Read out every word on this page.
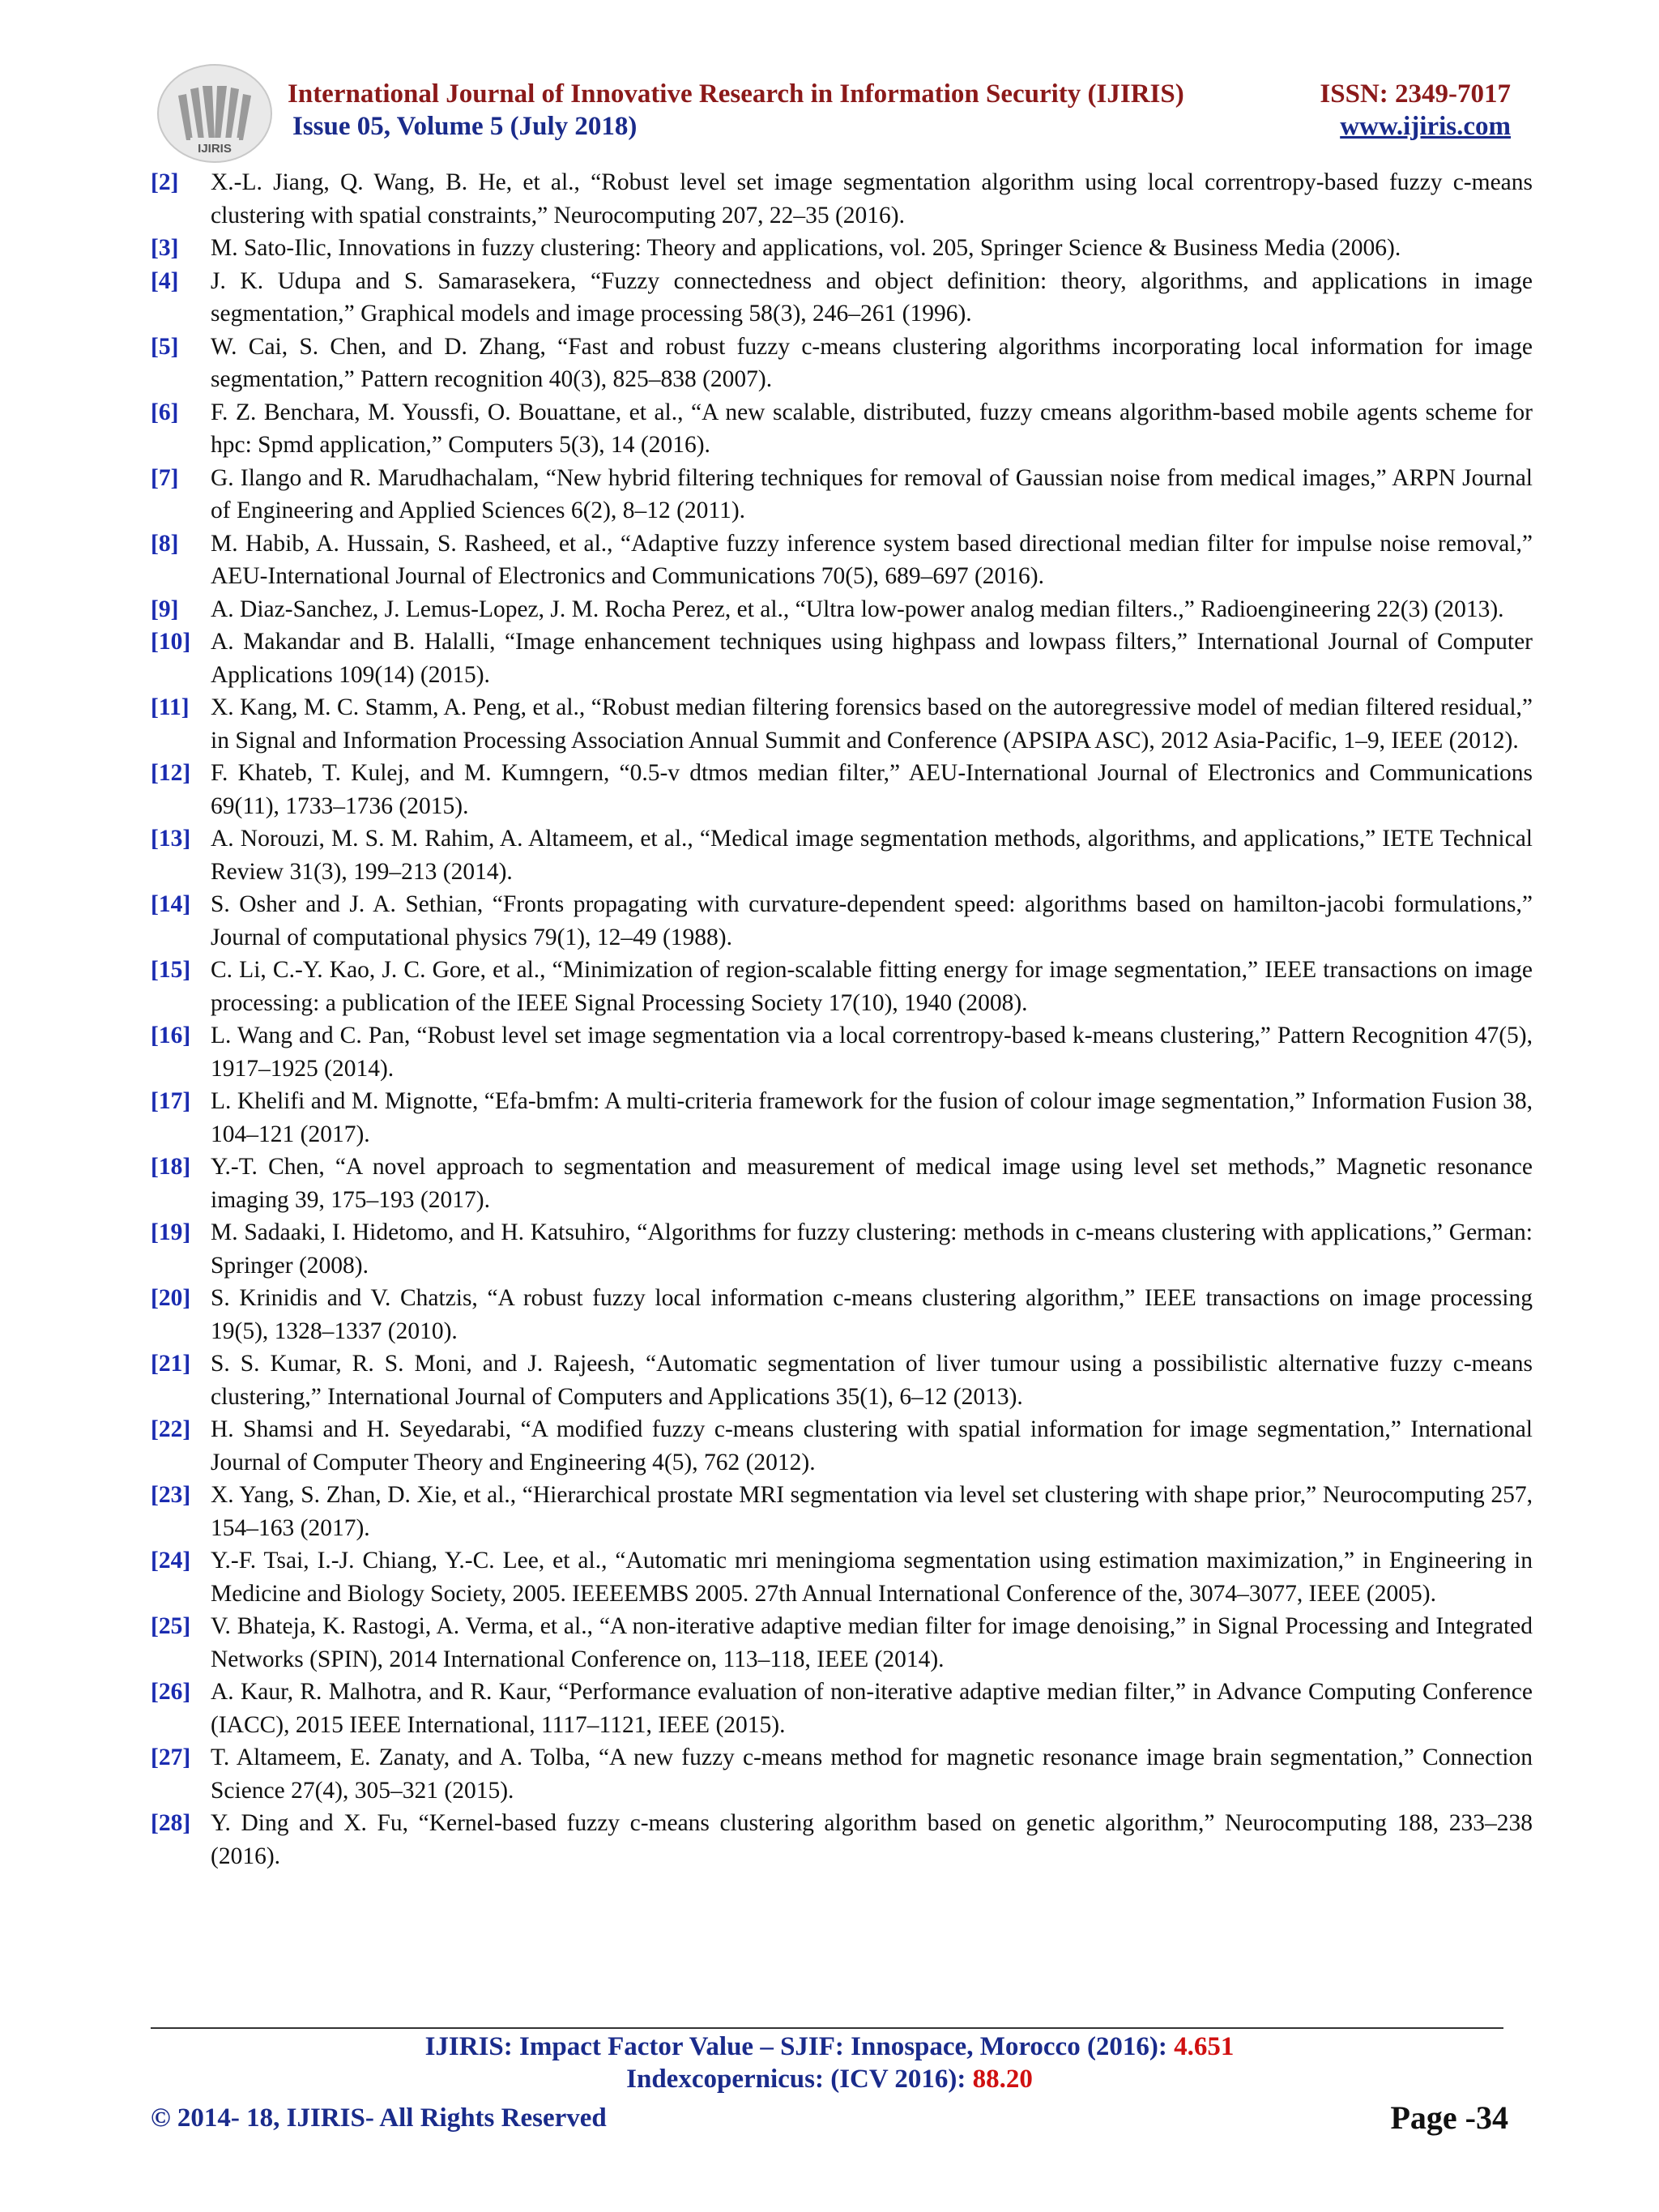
IJIRIS
International Journal of Innovative Research in Information Security (IJIRIS)	ISSN: 2349-7017
Issue 05, Volume 5 (July 2018)	www.ijiris.com
[2] X.-L. Jiang, Q. Wang, B. He, et al., “Robust level set image segmentation algorithm using local correntropy-based fuzzy c-means clustering with spatial constraints,” Neurocomputing 207, 22–35 (2016).
[3] M. Sato-Ilic, Innovations in fuzzy clustering: Theory and applications, vol. 205, Springer Science & Business Media (2006).
[4] J. K. Udupa and S. Samarasekera, “Fuzzy connectedness and object definition: theory, algorithms, and applications in image segmentation,” Graphical models and image processing 58(3), 246–261 (1996).
[5] W. Cai, S. Chen, and D. Zhang, “Fast and robust fuzzy c-means clustering algorithms incorporating local information for image segmentation,” Pattern recognition 40(3), 825–838 (2007).
[6] F. Z. Benchara, M. Youssfi, O. Bouattane, et al., “A new scalable, distributed, fuzzy cmeans algorithm-based mobile agents scheme for hpc: Spmd application,” Computers 5(3), 14 (2016).
[7] G. Ilango and R. Marudhachalam, “New hybrid filtering techniques for removal of Gaussian noise from medical images,” ARPN Journal of Engineering and Applied Sciences 6(2), 8–12 (2011).
[8] M. Habib, A. Hussain, S. Rasheed, et al., “Adaptive fuzzy inference system based directional median filter for impulse noise removal,” AEU-International Journal of Electronics and Communications 70(5), 689–697 (2016).
[9] A. Diaz-Sanchez, J. Lemus-Lopez, J. M. Rocha Perez, et al., “Ultra low-power analog median filters.,” Radioengineering 22(3) (2013).
[10] A. Makandar and B. Halalli, “Image enhancement techniques using highpass and lowpass filters,” International Journal of Computer Applications 109(14) (2015).
[11] X. Kang, M. C. Stamm, A. Peng, et al., “Robust median filtering forensics based on the autoregressive model of median filtered residual,” in Signal and Information Processing Association Annual Summit and Conference (APSIPA ASC), 2012 Asia-Pacific, 1–9, IEEE (2012).
[12] F. Khateb, T. Kulej, and M. Kumngern, “0.5-v dtmos median filter,” AEU-International Journal of Electronics and Communications 69(11), 1733–1736 (2015).
[13] A. Norouzi, M. S. M. Rahim, A. Altameem, et al., “Medical image segmentation methods, algorithms, and applications,” IETE Technical Review 31(3), 199–213 (2014).
[14] S. Osher and J. A. Sethian, “Fronts propagating with curvature-dependent speed: algorithms based on hamilton-jacobi formulations,” Journal of computational physics 79(1), 12–49 (1988).
[15] C. Li, C.-Y. Kao, J. C. Gore, et al., “Minimization of region-scalable fitting energy for image segmentation,” IEEE transactions on image processing: a publication of the IEEE Signal Processing Society 17(10), 1940 (2008).
[16] L. Wang and C. Pan, “Robust level set image segmentation via a local correntropy-based k-means clustering,” Pattern Recognition 47(5), 1917–1925 (2014).
[17] L. Khelifi and M. Mignotte, “Efa-bmfm: A multi-criteria framework for the fusion of colour image segmentation,” Information Fusion 38, 104–121 (2017).
[18] Y.-T. Chen, “A novel approach to segmentation and measurement of medical image using level set methods,” Magnetic resonance imaging 39, 175–193 (2017).
[19] M. Sadaaki, I. Hidetomo, and H. Katsuhiro, “Algorithms for fuzzy clustering: methods in c-means clustering with applications,” German: Springer (2008).
[20] S. Krinidis and V. Chatzis, “A robust fuzzy local information c-means clustering algorithm,” IEEE transactions on image processing 19(5), 1328–1337 (2010).
[21] S. S. Kumar, R. S. Moni, and J. Rajeesh, “Automatic segmentation of liver tumour using a possibilistic alternative fuzzy c-means clustering,” International Journal of Computers and Applications 35(1), 6–12 (2013).
[22] H. Shamsi and H. Seyedarabi, “A modified fuzzy c-means clustering with spatial information for image segmentation,” International Journal of Computer Theory and Engineering 4(5), 762 (2012).
[23] X. Yang, S. Zhan, D. Xie, et al., “Hierarchical prostate MRI segmentation via level set clustering with shape prior,” Neurocomputing 257, 154–163 (2017).
[24] Y.-F. Tsai, I.-J. Chiang, Y.-C. Lee, et al., “Automatic mri meningioma segmentation using estimation maximization,” in Engineering in Medicine and Biology Society, 2005. IEEEEMBS 2005. 27th Annual International Conference of the, 3074–3077, IEEE (2005).
[25] V. Bhateja, K. Rastogi, A. Verma, et al., “A non-iterative adaptive median filter for image denoising,” in Signal Processing and Integrated Networks (SPIN), 2014 International Conference on, 113–118, IEEE (2014).
[26] A. Kaur, R. Malhotra, and R. Kaur, “Performance evaluation of non-iterative adaptive median filter,” in Advance Computing Conference (IACC), 2015 IEEE International, 1117–1121, IEEE (2015).
[27] T. Altameem, E. Zanaty, and A. Tolba, “A new fuzzy c-means method for magnetic resonance image brain segmentation,” Connection Science 27(4), 305–321 (2015).
[28] Y. Ding and X. Fu, “Kernel-based fuzzy c-means clustering algorithm based on genetic algorithm,” Neurocomputing 188, 233–238 (2016).
IJIRIS: Impact Factor Value – SJIF: Innospace, Morocco (2016): 4.651
Indexcopernicus: (ICV 2016): 88.20
© 2014- 18, IJIRIS- All Rights Reserved	Page -34
